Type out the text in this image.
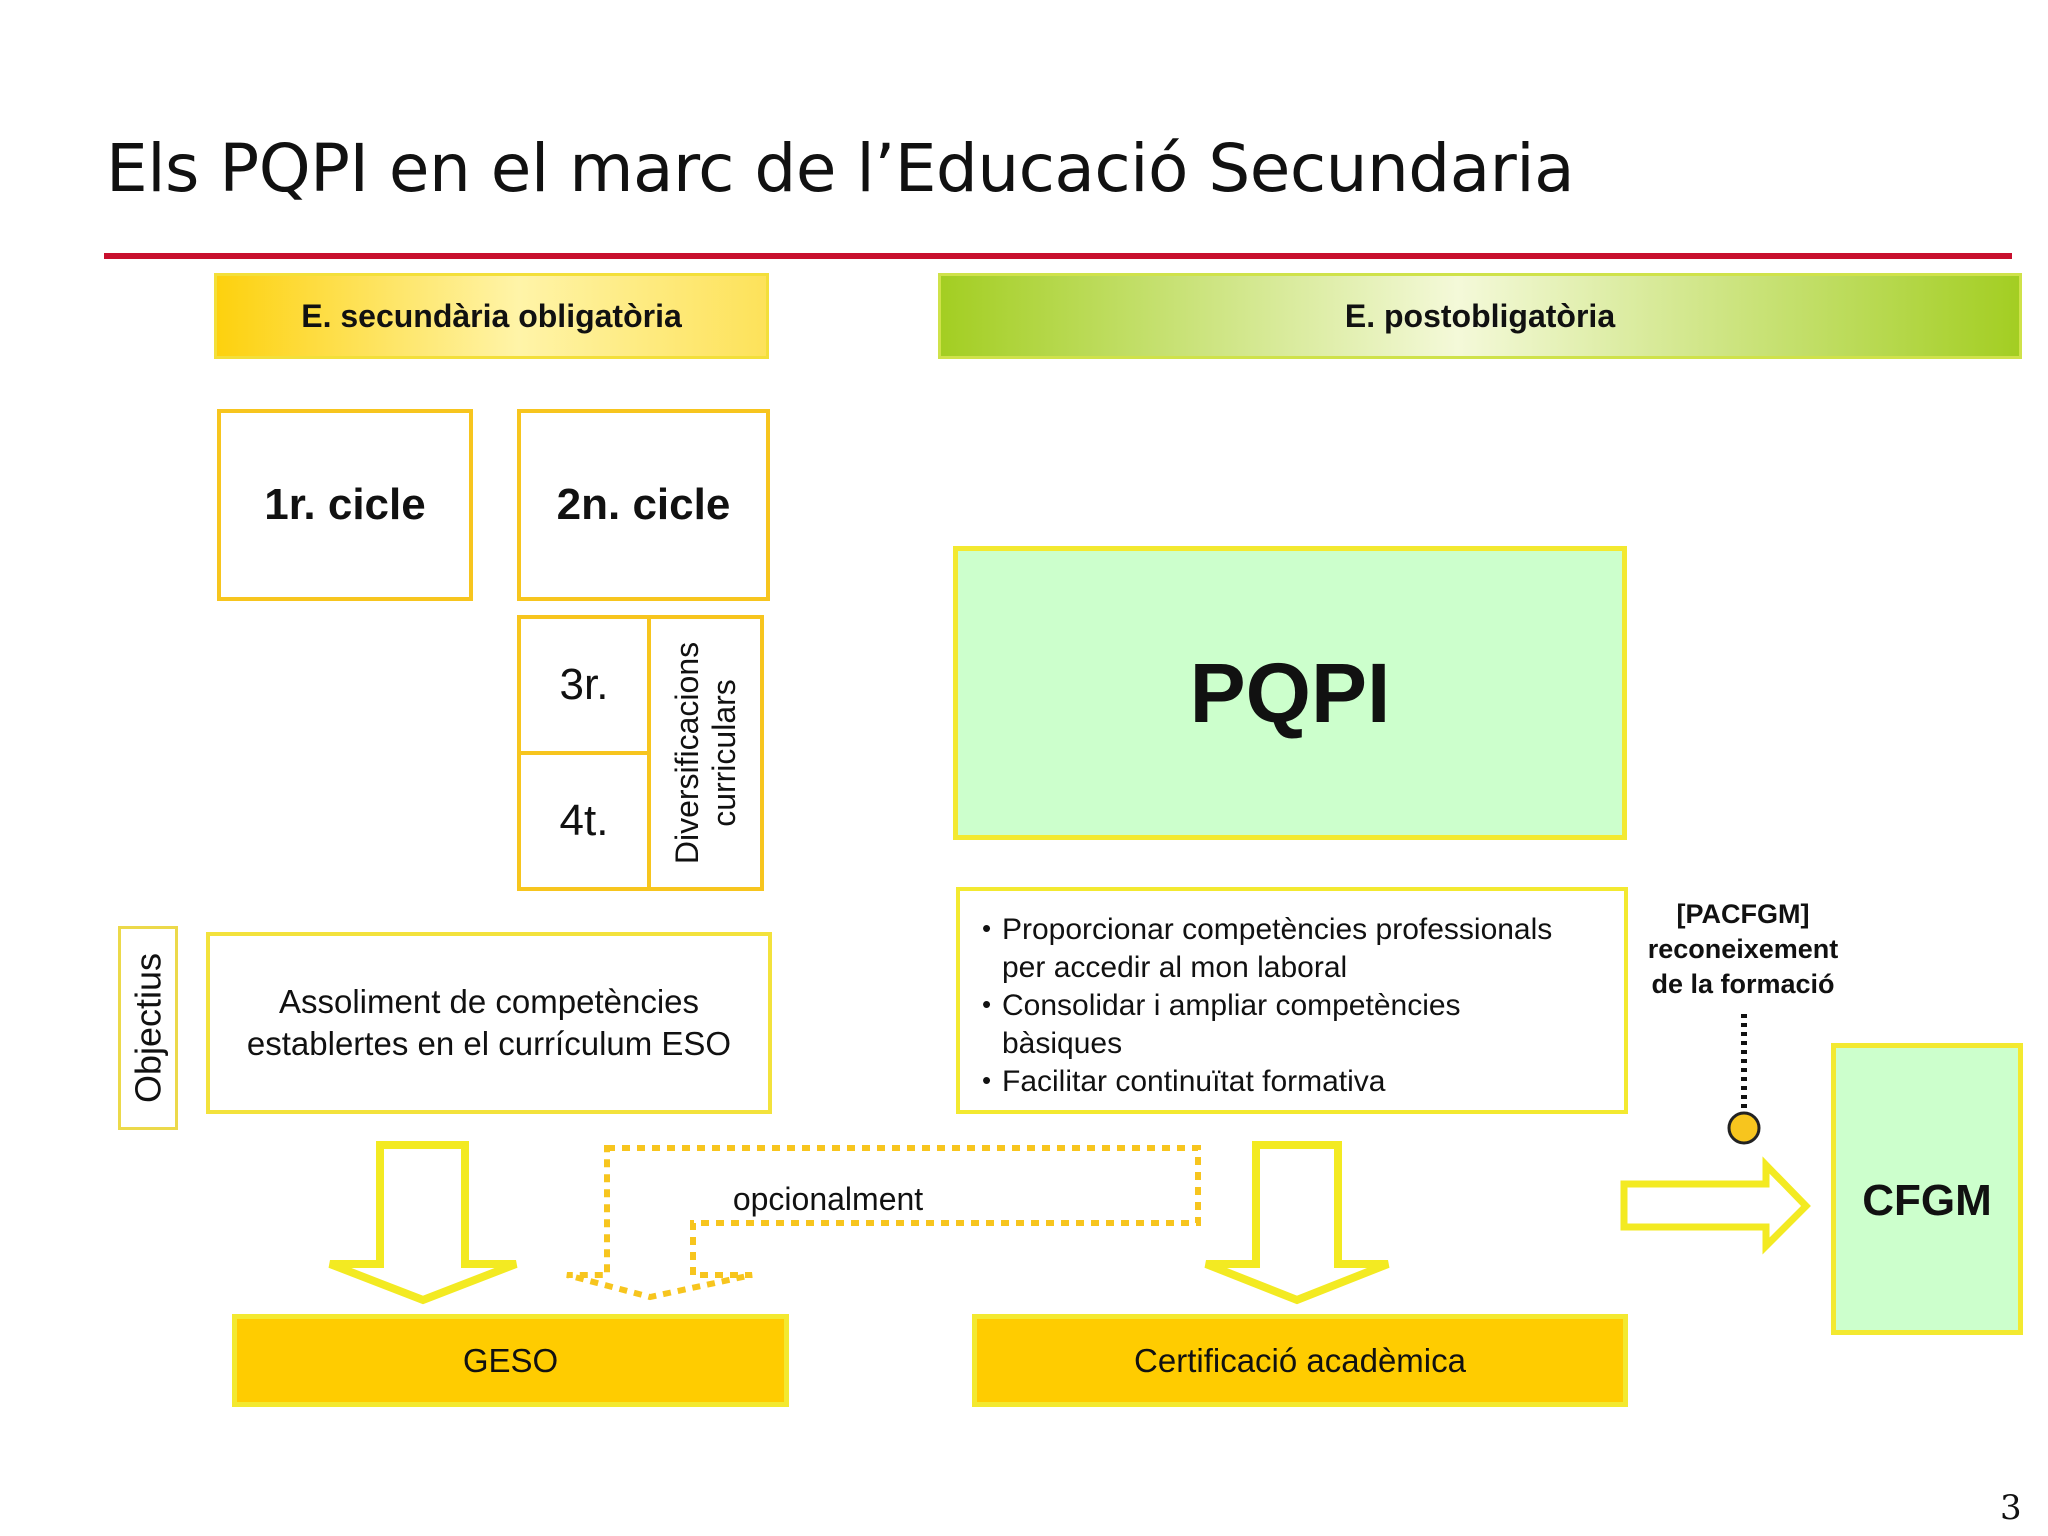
Els PQPI en el marc de l’Educació Secundaria
E. secundària obligatòria	E. postobligatòria
1r. cicle	2n. cicle
3r.
4t.	Diversificacions curriculars
Objectius	Assoliment de competències
establertes en el currículum ESO
PQPI
• Proporcionar competències professionals
per accedir al mon laboral
• Consolidar i ampliar competències
bàsiques
• Facilitar continuïtat formativa
[PACFGM]
reconeixement
de la formació
CFGM
opcionalment
GESO	Certificació acadèmica
3
